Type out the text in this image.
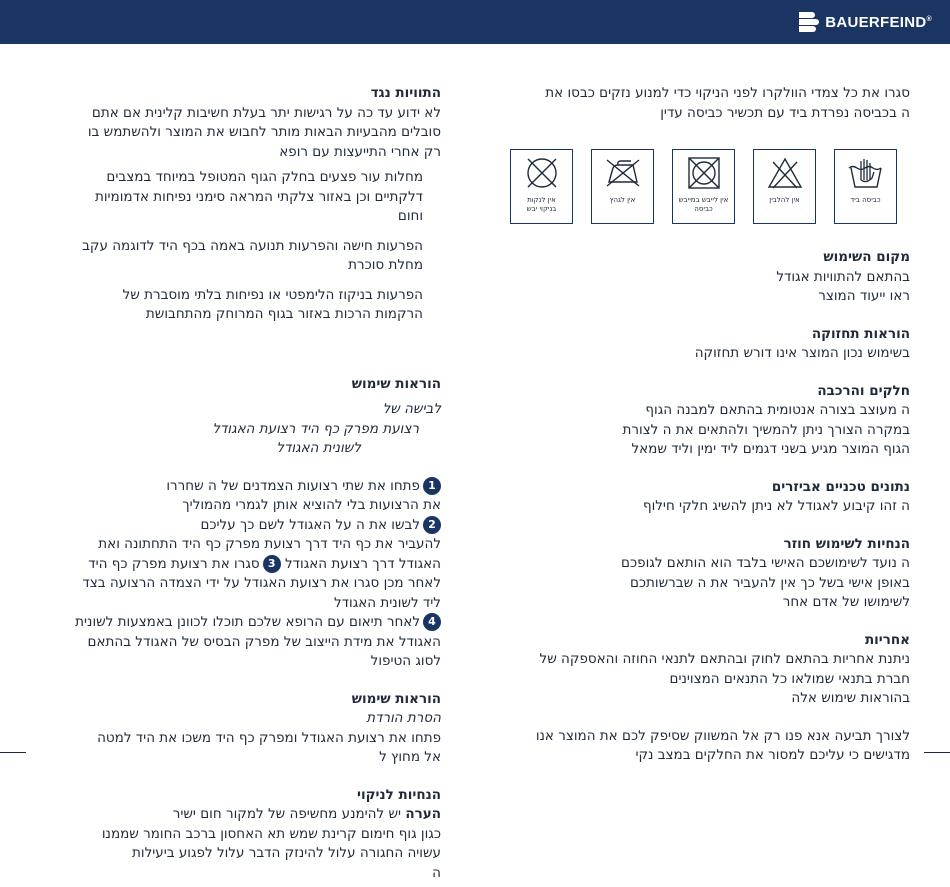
BAUERFEIND®

סגרו את כל צמדי הוולקרו לפני הניקוי כדי למנוע נזקים כבסו את

ה בכביסה נפרדת ביד עם תכשיר כביסה עדין

אין לנקות
בניקוי יבש
אין לגהץ	אין לייבש במייבש
כביסה
אין להלבין	כביסה ביד

מקום השימוש

בהתאם להתוויות אגודל

ראו ייעוד המוצר

הוראות תחזוקה

בשימוש נכון המוצר אינו דורש תחזוקה

חלקים והרכבה

ה מעוצב בצורה אנטומית בהתאם למבנה הגוף

במקרה הצורך ניתן להמשיך ולהתאים את ה לצורת

הגוף המוצר מגיע בשני דגמים ליד ימין וליד שמאל

נתונים טכניים אביזרים

ה זהו קיבוע לאגודל לא ניתן להשיג חלקי חילוף

הנחיות לשימוש חוזר

ה נועד לשימושכם האישי בלבד הוא הותאם לגופכם

באופן אישי בשל כך אין להעביר את ה שברשותכם

לשימושו של אדם אחר

אחריות

ניתנת אחריות בהתאם לחוק ובהתאם לתנאי החוזה והאספקה של

חברת בתנאי שמולאו כל התנאים המצוינים

בהוראות שימוש אלה

לצורך תביעה אנא פנו רק אל המשווק שסיפק לכם את המוצר אנו

מדגישים כי עליכם למסור את החלקים במצב נקי

התוויות נגד

לא ידוע עד כה על רגישות יתר בעלת חשיבות קלינית אם אתם

סובלים מהבעיות הבאות מותר לחבוש את המוצר ולהשתמש בו

רק אחרי התייעצות עם רופא

מחלות עור פצעים בחלק הגוף המטופל במיוחד במצבים

דלקתיים וכן באזור צלקתי המראה סימני נפיחות אדמומיות

וחום

הפרעות חישה והפרעות תנועה באמה בכף היד לדוגמה עקב

מחלת סוכרת

הפרעות בניקוז הלימפטי או נפיחות בלתי מוסברת של

הרקמות הרכות באזור בגוף המרוחק מהתחבושת

הוראות שימוש

לבישה של

רצועת מפרק כף היד רצועת האגודל

לשונית האגודל

1פתחו את שתי רצועות הצמדנים של ה שחררו

את הרצועות בלי להוציא אותן לגמרי מהמוליך

2לבשו את ה על האגודל לשם כך עליכם

להעביר את כף היד דרך רצועת מפרק כף היד התחתונה ואת

האגודל דרך רצועת האגודל 3סגרו את רצועת מפרק כף היד

לאחר מכן סגרו את רצועת האגודל על ידי הצמדה הרצועה בצד

ליד לשונית האגודל

4לאחר תיאום עם הרופא שלכם תוכלו לכוונן באמצעות לשונית

האגודל את מידת הייצוב של מפרק הבסיס של האגודל בהתאם

לסוג הטיפול

הוראות שימוש

הסרת הורדת

פתחו את רצועת האגודל ומפרק כף היד משכו את היד למטה

אל מחוץ ל

הנחיות לניקוי

הערה יש להימנע מחשיפה של למקור חום ישיר

כגון גוף חימום קרינת שמש תא האחסון ברכב החומר שממנו

עשויה החגורה עלול להינזק הדבר עלול לפגוע ביעילות

ה
